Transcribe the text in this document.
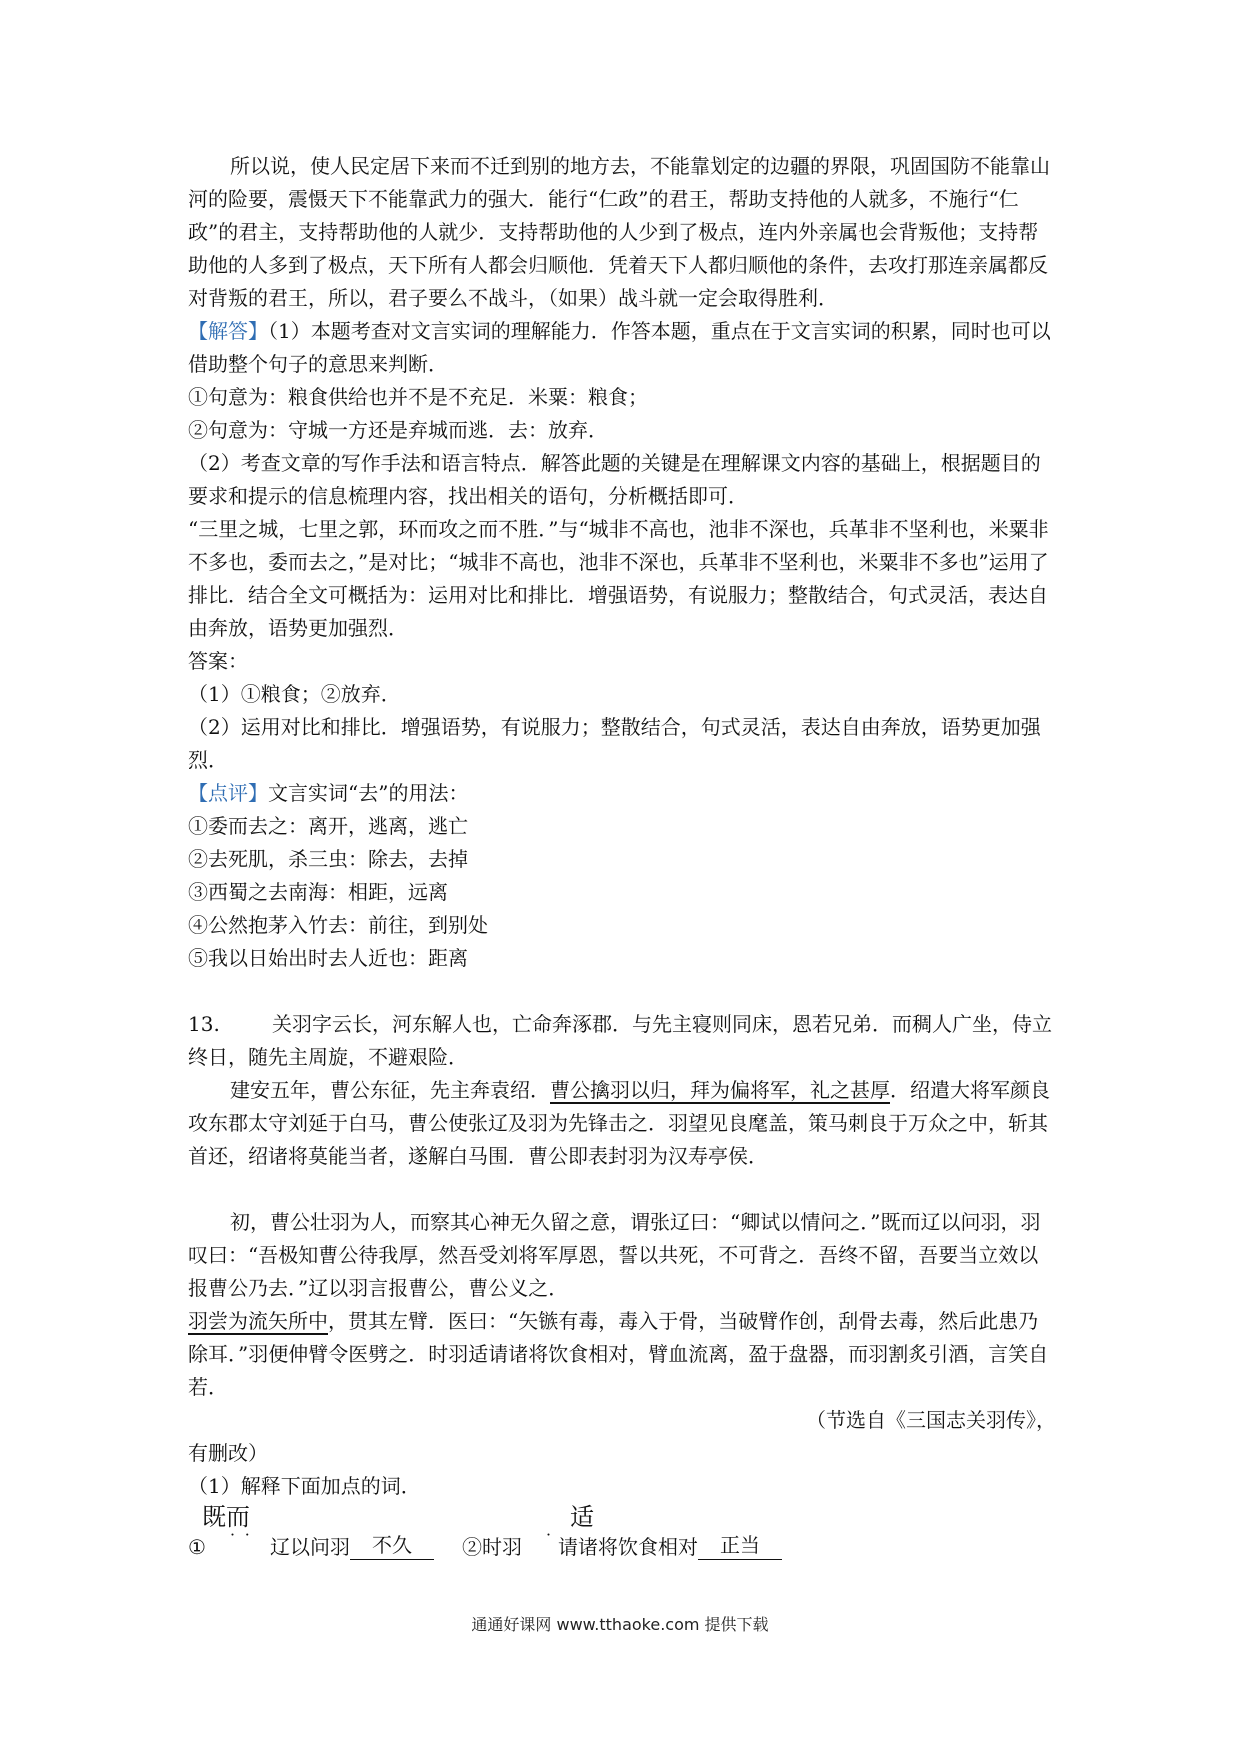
所以说，使人民定居下来而不迁到别的地方去，不能靠划定的边疆的界限，巩固国防不能靠山河的险要，震慑天下不能靠武力的强大．能行“仁政”的君王，帮助支持他的人就多，不施行“仁政”的君主，支持帮助他的人就少．支持帮助他的人少到了极点，连内外亲属也会背叛他；支持帮助他的人多到了极点，天下所有人都会归顺他．凭着天下人都归顺他的条件，去攻打那连亲属都反对背叛的君王，所以，君子要么不战斗，（如果）战斗就一定会取得胜利．

【解答】（1）本题考查对文言实词的理解能力．作答本题，重点在于文言实词的积累，同时也可以借助整个句子的意思来判断．

①句意为：粮食供给也并不是不充足．米粟：粮食；

②句意为：守城一方还是弃城而逃．去：放弃．

（2）考查文章的写作手法和语言特点．解答此题的关键是在理解课文内容的基础上，根据题目的要求和提示的信息梳理内容，找出相关的语句，分析概括即可．

“三里之城，七里之郭，环而攻之而不胜．”与“城非不高也，池非不深也，兵革非不坚利也，米粟非不多也，委而去之，”是对比；“城非不高也，池非不深也，兵革非不坚利也，米粟非不多也”运用了排比．结合全文可概括为：运用对比和排比．增强语势，有说服力；整散结合，句式灵活，表达自由奔放，语势更加强烈．

答案：

（1）①粮食；②放弃．

（2）运用对比和排比．增强语势，有说服力；整散结合，句式灵活，表达自由奔放，语势更加强烈．

【点评】文言实词“去”的用法：

①委而去之：离开，逃离，逃亡

②去死肌，杀三虫：除去，去掉

③西蜀之去南海：相距，远离

④公然抱茅入竹去：前往，到别处

⑤我以日始出时去人近也：距离

13.	关羽字云长，河东解人也，亡命奔涿郡．与先主寝则同床，恩若兄弟．而稠人广坐，侍立终日，随先主周旋，不避艰险．

建安五年，曹公东征，先主奔袁绍．曹公擒羽以归，拜为偏将军，礼之甚厚．绍遣大将军颜良攻东郡太守刘延于白马，曹公使张辽及羽为先锋击之．羽望见良麾盖，策马刺良于万众之中，斩其首还，绍诸将莫能当者，遂解白马围．曹公即表封羽为汉寿亭侯．

初，曹公壮羽为人，而察其心神无久留之意，谓张辽曰：“卿试以情问之．”既而辽以问羽，羽叹曰：“吾极知曹公待我厚，然吾受刘将军厚恩，誓以共死，不可背之．吾终不留，吾要当立效以报曹公乃去．”辽以羽言报曹公，曹公义之．

羽尝为流矢所中，贯其左臂．医曰：“矢镞有毒，毒入于骨，当破臂作创，刮骨去毒，然后此患乃除耳．”羽便伸臂令医劈之．时羽适请诸将饮食相对，臂血流离，盈于盘器，而羽割炙引酒，言笑自若．

（节选自《三国志关羽传》，

有删改）

（1）解释下面加点的词．

既而	适
① ˙ ˙ 辽以问羽	不久	②时羽 ˙ 请诸将饮食相对	正当
通通好课网 www.tthaoke.com 提供下载
